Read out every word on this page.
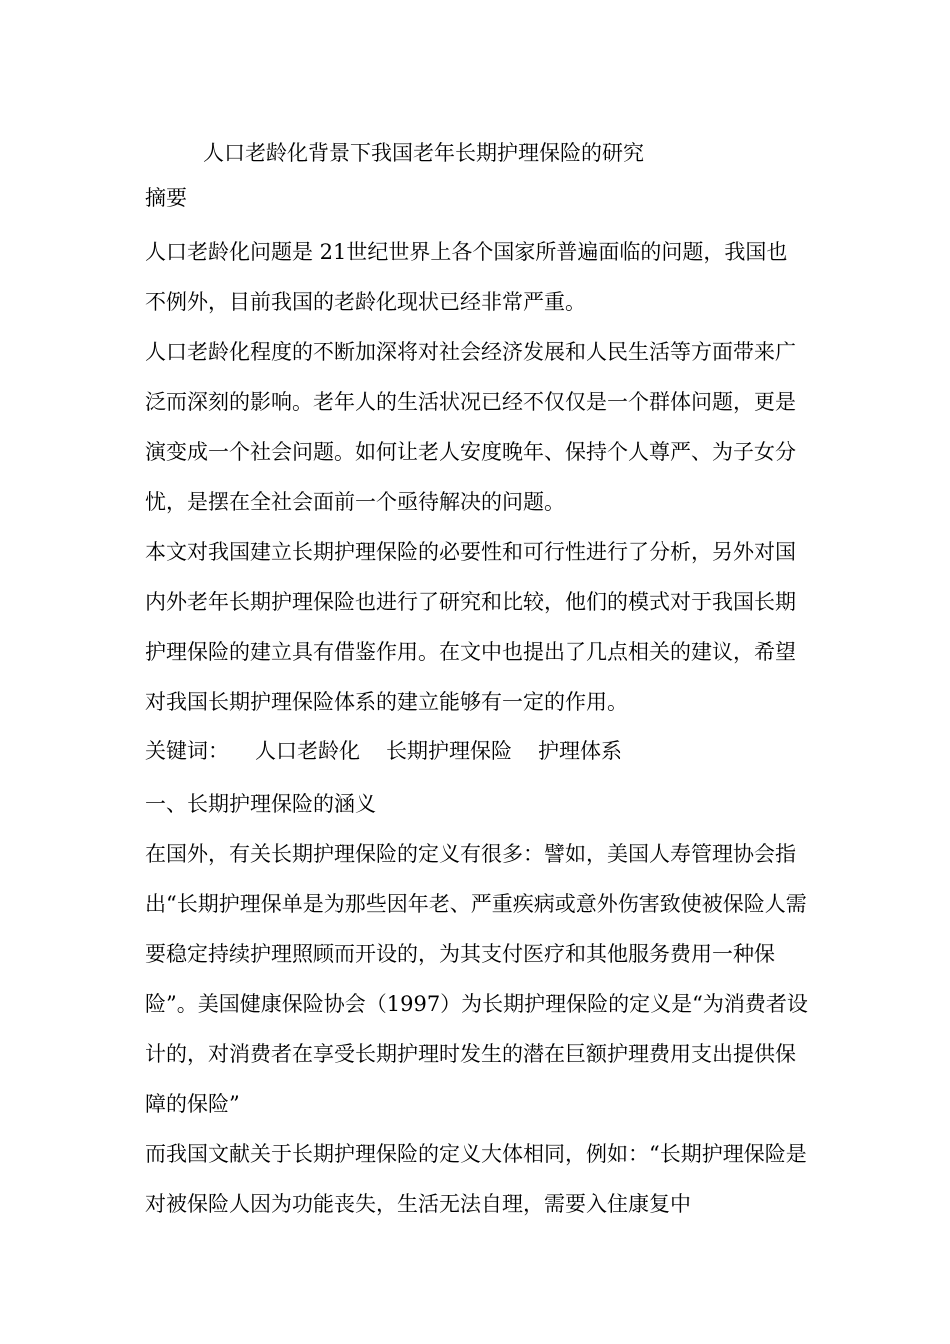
人口老龄化背景下我国老年长期护理保险的研究
摘要

人口老龄化问题是 21世纪世界上各个国家所普遍面临的问题，我国也不例外，目前我国的老龄化现状已经非常严重。

人口老龄化程度的不断加深将对社会经济发展和人民生活等方面带来广泛而深刻的影响。老年人的生活状况已经不仅仅是一个群体问题，更是演变成一个社会问题。如何让老人安度晚年、保持个人尊严、为子女分忧，是摆在全社会面前一个亟待解决的问题。

本文对我国建立长期护理保险的必要性和可行性进行了分析，另外对国内外老年长期护理保险也进行了研究和比较，他们的模式对于我国长期护理保险的建立具有借鉴作用。在文中也提出了几点相关的建议，希望对我国长期护理保险体系的建立能够有一定的作用。

关键词： 人口老龄化 长期护理保险 护理体系
一、长期护理保险的涵义

在国外，有关长期护理保险的定义有很多：譬如，美国人寿管理协会指出“长期护理保单是为那些因年老、严重疾病或意外伤害致使被保险人需要稳定持续护理照顾而开设的，为其支付医疗和其他服务费用一种保险”。美国健康保险协会（1997）为长期护理保险的定义是“为消费者设计的，对消费者在享受长期护理时发生的潜在巨额护理费用支出提供保障的保险”

而我国文献关于长期护理保险的定义大体相同，例如：“长期护理保险是对被保险人因为功能丧失，生活无法自理，需要入住康复中
